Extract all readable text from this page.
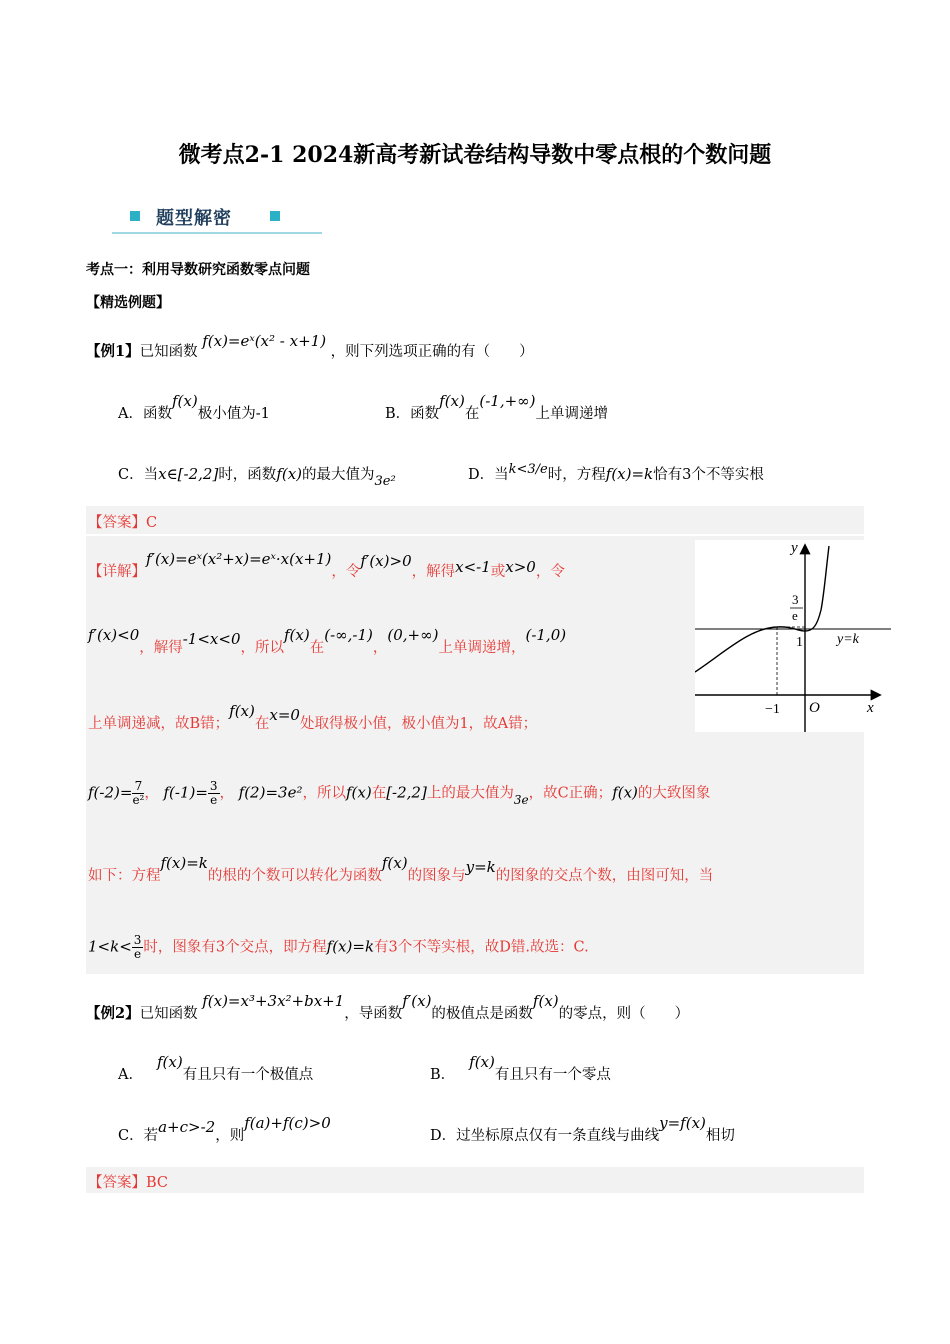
微考点2-1 2024新高考新试卷结构导数中零点根的个数问题
题型解密
考点一：利用导数研究函数零点问题
【精选例题】
【例1】已知函数 f(x)=eˣ(x² - x+1) ，则下列选项正确的有（　　）
A．函数f(x)极小值为-1	B．函数f(x)在(-1,+∞)上单调递增
C．当x∈[-2,2]时，函数f(x)的最大值为3e²	D．当k<3/e时，方程f(x)=k恰有3个不等实根
【答案】C
【详解】f′(x)=eˣ(x²+x)=eˣ·x(x+1)，令f′(x)>0，解得x<-1或x>0，令
f′(x)<0，解得-1<x<0，所以f(x)在(-∞,-1)，(0,+∞)上单调递增，(-1,0)
上单调递减，故B错；f(x)在x=0处取得极小值，极小值为1，故A错；
$f(-2)= \frac{7}{\text{e²}}$ ， $f(-1)= \frac{3}{e}$ ， f(2)=3e²，所以f(x)在[-2,2]上的最大值为$_{3e}$，故C正确；f(x)的大致图象
如下：方程f(x)=k的根的个数可以转化为函数f(x)的图象与y=k的图象的交点个数，由图可知，当
$1<k< \frac{3}{e}$ 时，图象有3个交点，即方程f(x)=k有3个不等实根，故D错.故选：C.
y
x
O
−1
1
3
e
y=k
【例2】已知函数 f(x)=x³+3x²+bx+1，导函数f′(x)的极值点是函数f(x)的零点，则（　　）
A．f(x)有且只有一个极值点	B．f(x)有且只有一个零点
C．若a+c>-2，则f(a)+f(c)>0
D．过坐标原点仅有一条直线与曲线y=f(x)相切
【答案】BC
